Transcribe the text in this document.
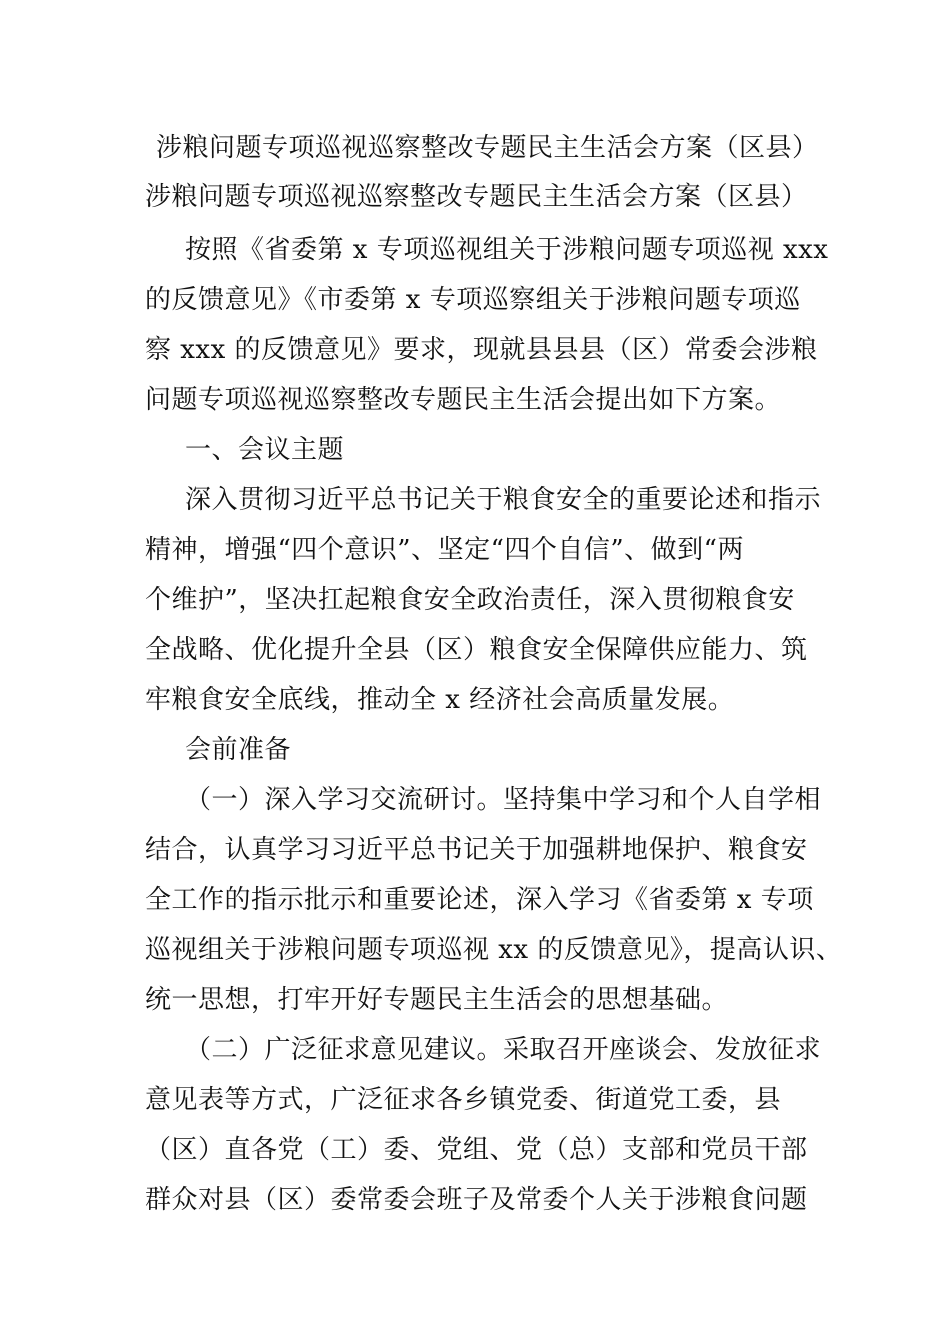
涉粮问题专项巡视巡察整改专题民主生活会方案（区县）
涉粮问题专项巡视巡察整改专题民主生活会方案（区县）
按照《省委第 x 专项巡视组关于涉粮问题专项巡视 xxx
的反馈意见》《市委第 x 专项巡察组关于涉粮问题专项巡
察 xxx 的反馈意见》要求，现就县县县（区）常委会涉粮
问题专项巡视巡察整改专题民主生活会提出如下方案。
一、会议主题
深入贯彻习近平总书记关于粮食安全的重要论述和指示
精神，增强“四个意识”、坚定“四个自信”、做到“两
个维护”，坚决扛起粮食安全政治责任，深入贯彻粮食安
全战略、优化提升全县（区）粮食安全保障供应能力、筑
牢粮食安全底线，推动全 x 经济社会高质量发展。
会前准备
（一）深入学习交流研讨。坚持集中学习和个人自学相
结合，认真学习习近平总书记关于加强耕地保护、粮食安
全工作的指示批示和重要论述，深入学习《省委第 x 专项
巡视组关于涉粮问题专项巡视 xx 的反馈意见》，提高认识、
统一思想，打牢开好专题民主生活会的思想基础。
（二）广泛征求意见建议。采取召开座谈会、发放征求
意见表等方式，广泛征求各乡镇党委、街道党工委，县
（区）直各党（工）委、党组、党（总）支部和党员干部
群众对县（区）委常委会班子及常委个人关于涉粮食问题
